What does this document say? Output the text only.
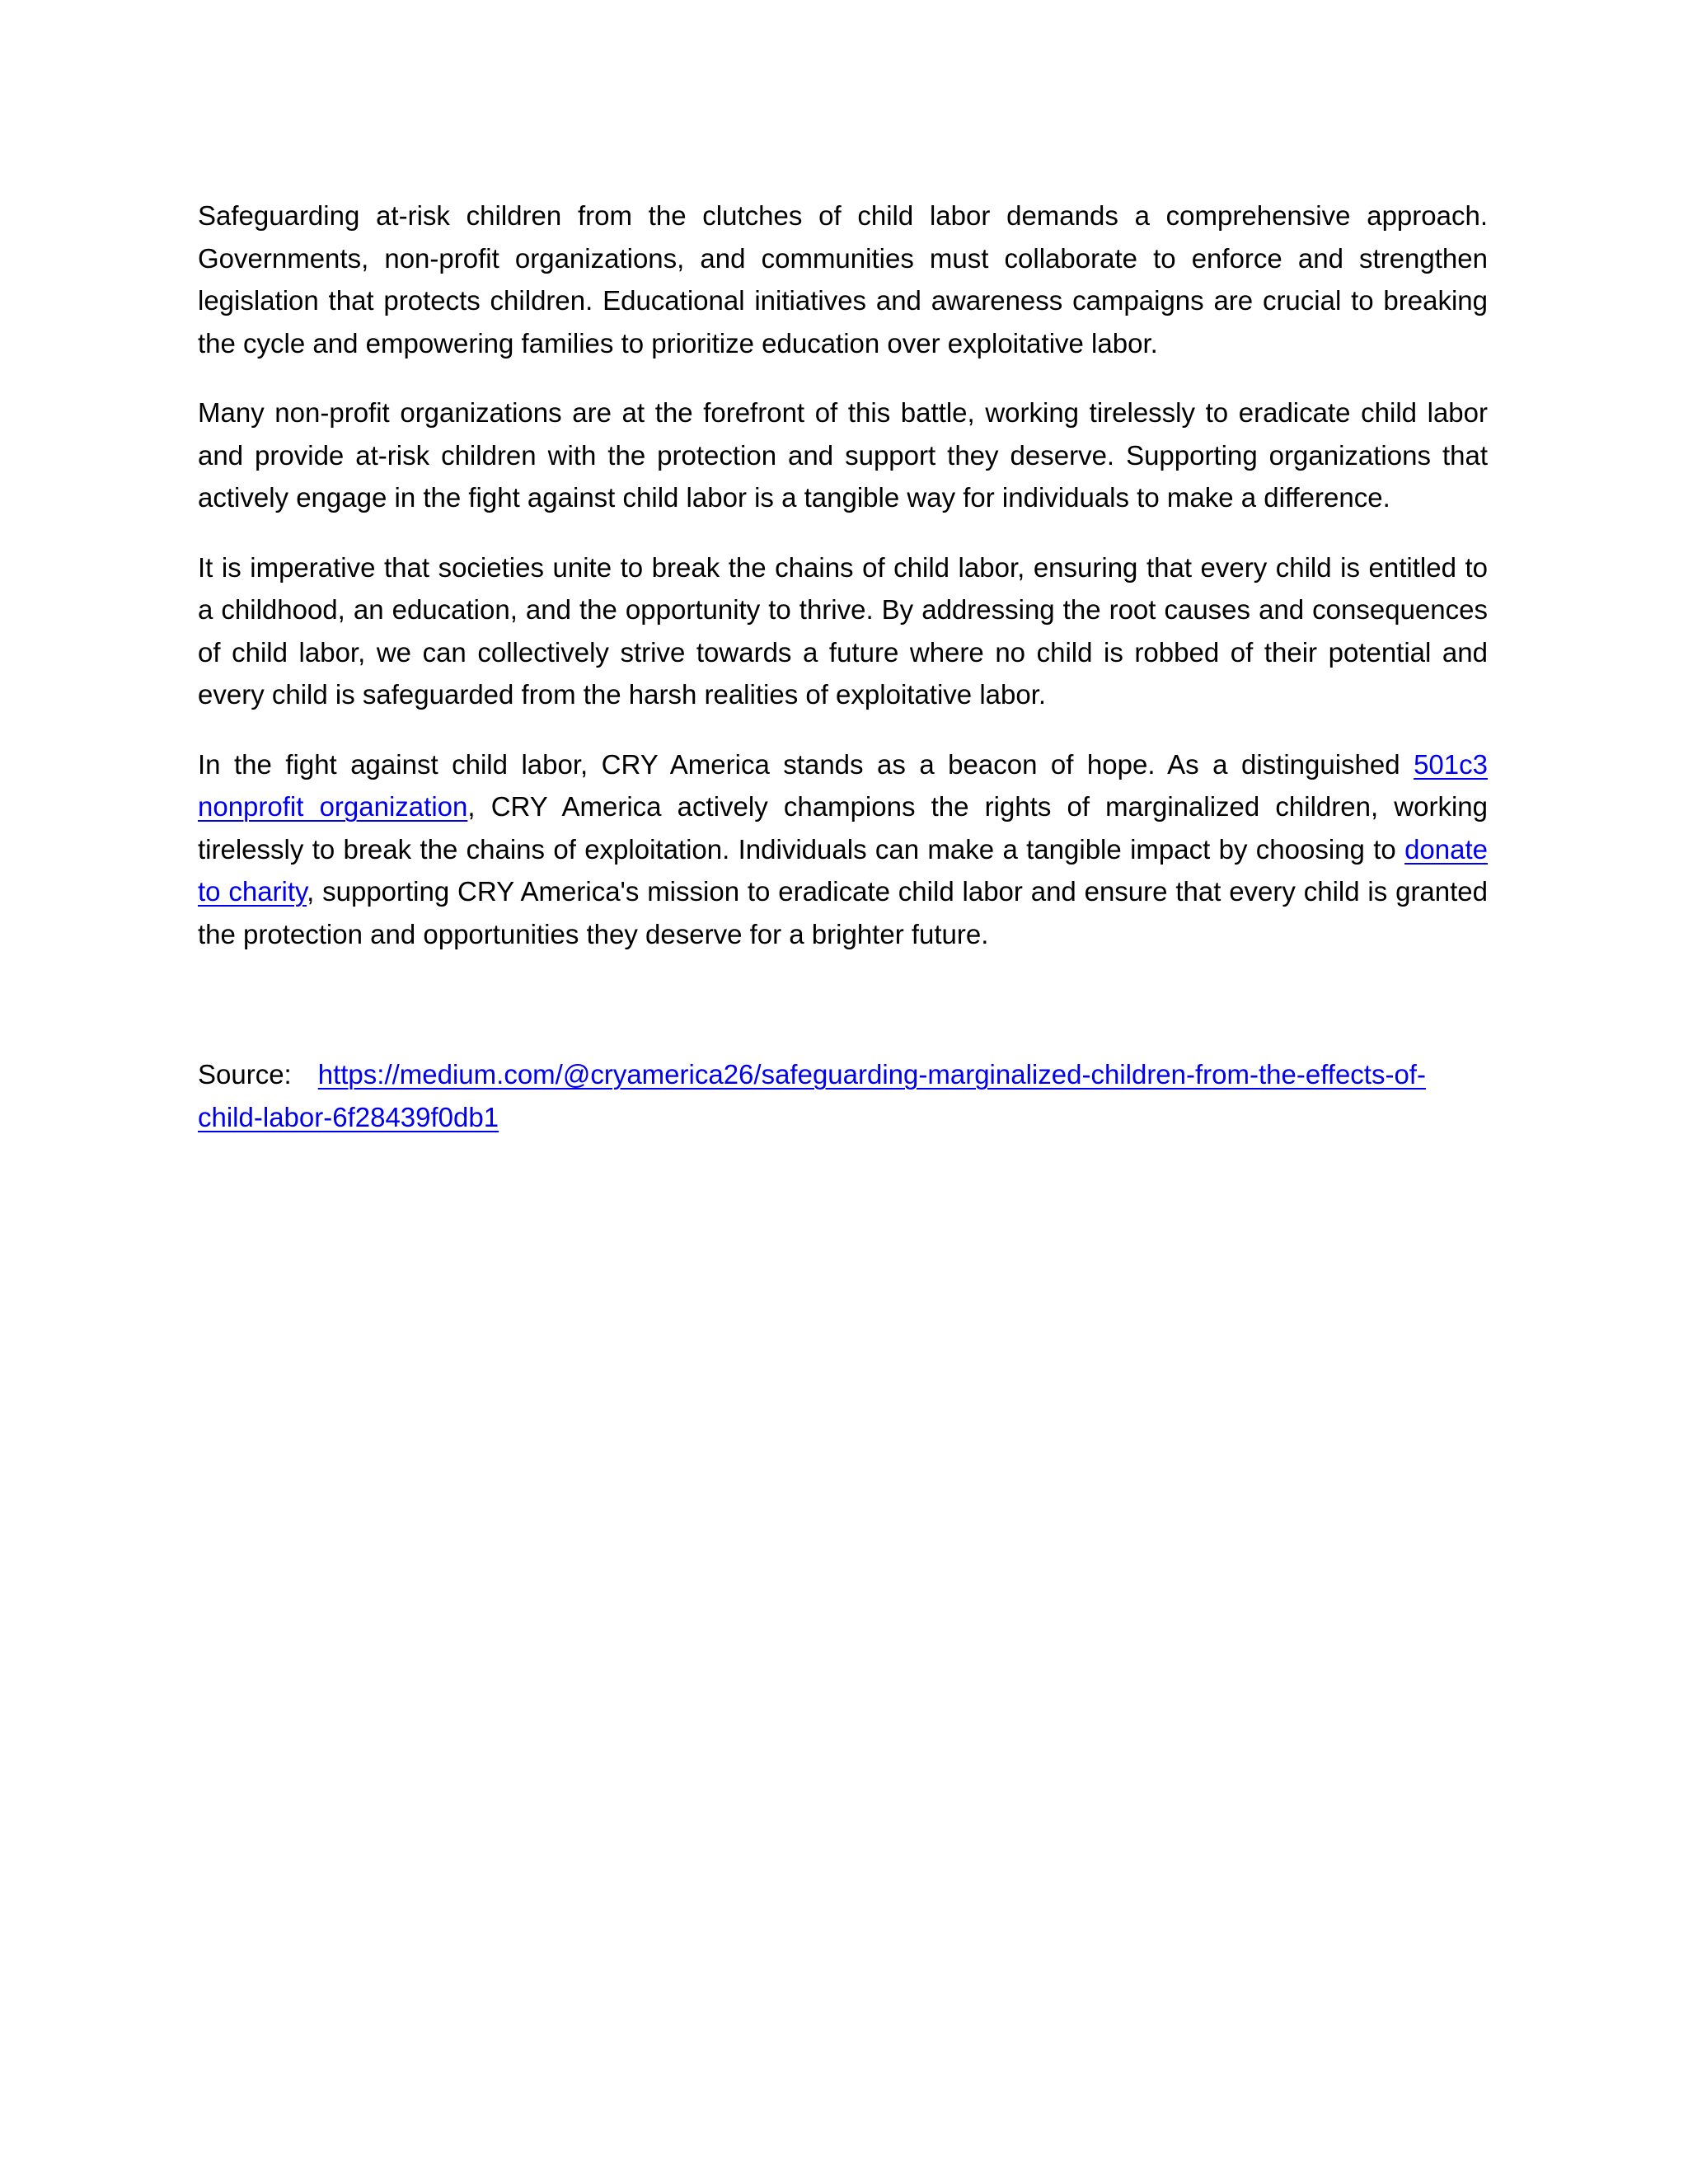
Safeguarding at-risk children from the clutches of child labor demands a comprehensive approach. Governments, non-profit organizations, and communities must collaborate to enforce and strengthen legislation that protects children. Educational initiatives and awareness campaigns are crucial to breaking the cycle and empowering families to prioritize education over exploitative labor.

Many non-profit organizations are at the forefront of this battle, working tirelessly to eradicate child labor and provide at-risk children with the protection and support they deserve. Supporting organizations that actively engage in the fight against child labor is a tangible way for individuals to make a difference.

It is imperative that societies unite to break the chains of child labor, ensuring that every child is entitled to a childhood, an education, and the opportunity to thrive. By addressing the root causes and consequences of child labor, we can collectively strive towards a future where no child is robbed of their potential and every child is safeguarded from the harsh realities of exploitative labor.

In the fight against child labor, CRY America stands as a beacon of hope. As a distinguished 501c3 nonprofit organization, CRY America actively champions the rights of marginalized children, working tirelessly to break the chains of exploitation. Individuals can make a tangible impact by choosing to donate to charity, supporting CRY America's mission to eradicate child labor and ensure that every child is granted the protection and opportunities they deserve for a brighter future.

Source: https://medium.com/@cryamerica26/safeguarding-marginalized-children-from-the-effects-of-child-labor-6f28439f0db1
